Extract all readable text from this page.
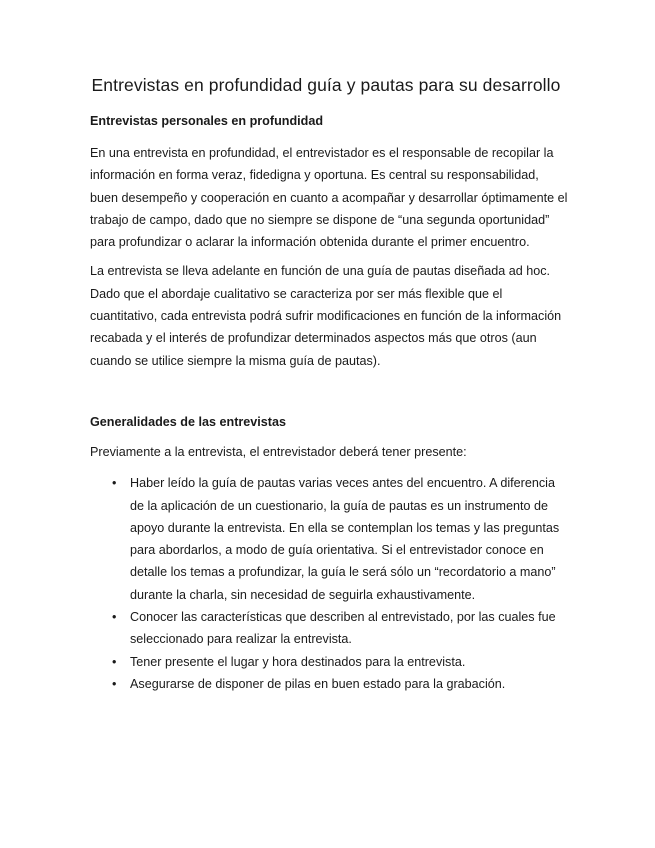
Entrevistas en profundidad guía y pautas para su desarrollo
Entrevistas personales en profundidad

En una entrevista en profundidad, el entrevistador es el responsable de recopilar la información en forma veraz, fidedigna y oportuna. Es central su responsabilidad, buen desempeño y cooperación en cuanto a acompañar y desarrollar óptimamente el trabajo de campo, dado que no siempre se dispone de “una segunda oportunidad” para profundizar o aclarar la información obtenida durante el primer encuentro.

La entrevista se lleva adelante en función de una guía de pautas diseñada ad hoc. Dado que el abordaje cualitativo se caracteriza por ser más flexible que el cuantitativo, cada entrevista podrá sufrir modificaciones en función de la información recabada y el interés de profundizar determinados aspectos más que otros (aun cuando se utilice siempre la misma guía de pautas).

Generalidades de las entrevistas

Previamente a la entrevista, el entrevistador deberá tener presente:

• Haber leído la guía de pautas varias veces antes del encuentro. A diferencia de la aplicación de un cuestionario, la guía de pautas es un instrumento de apoyo durante la entrevista. En ella se contemplan los temas y las preguntas para abordarlos, a modo de guía orientativa. Si el entrevistador conoce en detalle los temas a profundizar, la guía le será sólo un “recordatorio a mano” durante la charla, sin necesidad de seguirla exhaustivamente.
• Conocer las características que describen al entrevistado, por las cuales fue seleccionado para realizar la entrevista.
• Tener presente el lugar y hora destinados para la entrevista.
• Asegurarse de disponer de pilas en buen estado para la grabación.
